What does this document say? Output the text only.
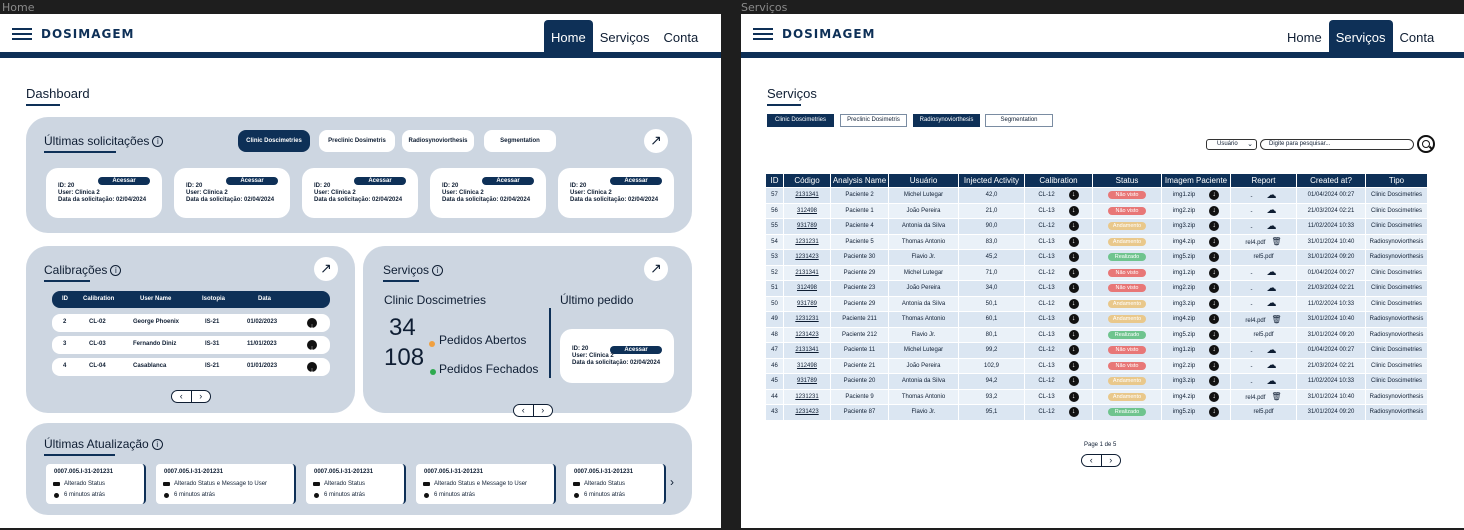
Home	Serviços
DOSIMAGEM	Home	Serviços	Conta
Dashboard
Últimas solicitações i	↗
Clinic Doscimetries	Preclinic Dosimetris	Radiosynoviorthesis	Segmentation
Acessar
ID: 20
User: Clinica 2
Data da solicitação: 02/04/2024
Acessar
ID: 20
User: Clinica 2
Data da solicitação: 02/04/2024
Acessar
ID: 20
User: Clinica 2
Data da solicitação: 02/04/2024
Acessar
ID: 20
User: Clinica 2
Data da solicitação: 02/04/2024
Acessar
ID: 20
User: Clinica 2
Data da solicitação: 02/04/2024
Calibrações i	↗
ID	Calibration	User Name	Isotopia	Data
‹	›
2	CL-02	George Phoenix	IS-21	01/02/2023
↓
3	CL-03	Fernando Diniz	IS-31	11/01/2023
↓
4	CL-04	Casablanca	IS-21	01/01/2023
↓
Serviços i	↗
Clinic Doscimetries
34 Pedidos Abertos
108 Pedidos Fechados
Último pedido
Acessar
ID: 20
User: Clinica 2
Data da solicitação: 02/04/2024
‹	›
Últimas Atualização i
›
0007.005.I-31-201231
Alterado Status
6 minutos atrás
0007.005.I-31-201231
Alterado Status e Message to User
6 minutos atrás
0007.005.I-31-201231
Alterado Status
6 minutos atrás
0007.005.I-31-201231
Alterado Status e Message to User
6 minutos atrás
0007.005.I-31-201231
Alterado Status
6 minutos atrás
DOSIMAGEM	Home	Serviços	Conta
Serviços
Usuário ⌄	Digite para pesquisar...
ID	Código	Analysis Name	Usuário	Injected Activity	Calibration	Status	Imagem Paciente	Report	Created at?	Tipo
57	2131341	Paciente 2	Michel Lutegar	42,0	CL-12 ↓	Não visto	img1.zip ↓	- ☁	01/04/2024 00:27	Clinic Doscimetries
56	312498	Paciente 1	João Pereira	21,0	CL-13 ↓	Não visto	img2.zip ↓	- ☁	21/03/2024 02:21	Clinic Doscimetries
55	931789	Paciente 4	Antonia da Silva	90,0	CL-12 ↓	Andamento	img3.zip ↓	- ☁	11/02/2024 10:33	Clinic Doscimetries
54	1231231	Paciente 5	Thomas Antonio	83,0	CL-13 ↓	Andamento	img4.zip ↓	rel4.pdf 🗑	31/01/2024 10:40	Radiosynoviorthesis
53	1231423	Paciente 30	Flavio Jr.	45,2	CL-13 ↓	Realizado	img5.zip ↓	rel5.pdf	31/01/2024 09:20	Radiosynoviorthesis
52	2131341	Paciente 29	Michel Lutegar	71,0	CL-12 ↓	Não visto	img1.zip ↓	- ☁	01/04/2024 00:27	Clinic Doscimetries
51	312498	Paciente 23	João Pereira	34,0	CL-13 ↓	Não visto	img2.zip ↓	- ☁	21/03/2024 02:21	Clinic Doscimetries
50	931789	Paciente 29	Antonia da Silva	50,1	CL-12 ↓	Andamento	img3.zip ↓	- ☁	11/02/2024 10:33	Clinic Doscimetries
49	1231231	Paciente 211	Thomas Antonio	60,1	CL-13 ↓	Andamento	img4.zip ↓	rel4.pdf 🗑	31/01/2024 10:40	Radiosynoviorthesis
48	1231423	Paciente 212	Flavio Jr.	80,1	CL-13 ↓	Realizado	img5.zip ↓	rel5.pdf	31/01/2024 09:20	Radiosynoviorthesis
47	2131341	Paciente 11	Michel Lutegar	99,2	CL-12 ↓	Não visto	img1.zip ↓	- ☁	01/04/2024 00:27	Clinic Doscimetries
46	312498	Paciente 21	João Pereira	102,9	CL-13 ↓	Não visto	img2.zip ↓	- ☁	21/03/2024 02:21	Clinic Doscimetries
45	931789	Paciente 20	Antonia da Silva	94,2	CL-12 ↓	Andamento	img3.zip ↓	- ☁	11/02/2024 10:33	Clinic Doscimetries
44	1231231	Paciente 9	Thomas Antonio	93,2	CL-13 ↓	Andamento	img4.zip ↓	rel4.pdf 🗑	31/01/2024 10:40	Radiosynoviorthesis
43	1231423	Paciente 87	Flavio Jr.	95,1	CL-12 ↓	Realizado	img5.zip ↓	rel5.pdf	31/01/2024 09:20	Radiosynoviorthesis
Page 1 de 5
‹	›
Clinic Doscimetries	Preclinic Dosimetris	Radiosynoviorthesis	Segmentation
